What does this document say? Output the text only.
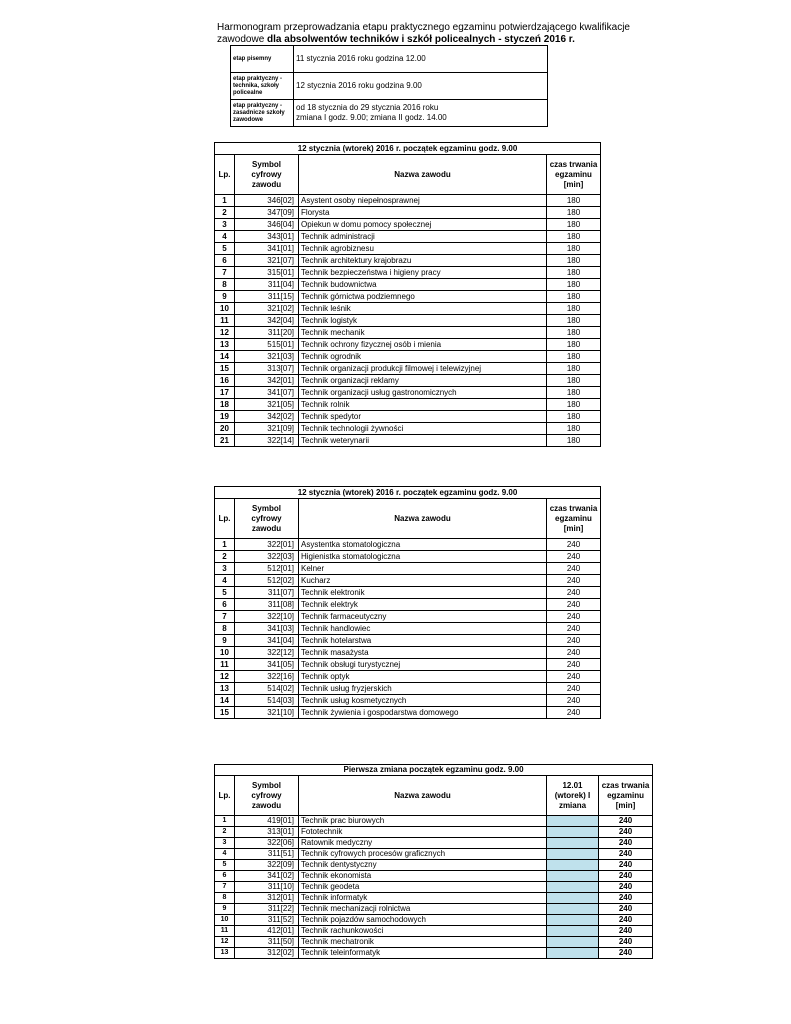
Harmonogram przeprowadzania etapu praktycznego egzaminu potwierdzającego kwalifikacje
zawodowe dla absolwentów techników i szkół policealnych - styczeń 2016 r.
etap pisemny	11 stycznia 2016 roku godzina 12.00
etap praktyczny - technika, szkoły policealne	12 stycznia 2016 roku godzina 9.00
etap praktyczny - zasadnicze szkoły zawodowe	od 18 stycznia do 29 stycznia 2016 roku
zmiana I godz. 9.00; zmiana II godz. 14.00
12 stycznia (wtorek) 2016 r. początek egzaminu godz. 9.00			
Lp.	Symbol cyfrowy zawodu	Nazwa zawodu	czas trwania egzaminu [min]
1	346[02]	Asystent osoby niepełnosprawnej	180
2	347[09]	Florysta	180
3	346[04]	Opiekun w domu pomocy społecznej	180
4	343[01]	Technik administracji	180
5	341[01]	Technik agrobiznesu	180
6	321[07]	Technik architektury krajobrazu	180
7	315[01]	Technik bezpieczeństwa i higieny pracy	180
8	311[04]	Technik budownictwa	180
9	311[15]	Technik górnictwa podziemnego	180
10	321[02]	Technik leśnik	180
11	342[04]	Technik logistyk	180
12	311[20]	Technik mechanik	180
13	515[01]	Technik ochrony fizycznej osób i mienia	180
14	321[03]	Technik ogrodnik	180
15	313[07]	Technik organizacji produkcji filmowej i telewizyjnej	180
16	342[01]	Technik organizacji reklamy	180
17	341[07]	Technik organizacji usług gastronomicznych	180
18	321[05]	Technik rolnik	180
19	342[02]	Technik spedytor	180
20	321[09]	Technik technologii żywności	180
21	322[14]	Technik weterynarii	180
12 stycznia (wtorek) 2016 r. początek egzaminu godz. 9.00			
Lp.	Symbol cyfrowy zawodu	Nazwa zawodu	czas trwania egzaminu [min]
1	322[01]	Asystentka stomatologiczna	240
2	322[03]	Higienistka stomatologiczna	240
3	512[01]	Kelner	240
4	512[02]	Kucharz	240
5	311[07]	Technik elektronik	240
6	311[08]	Technik elektryk	240
7	322[10]	Technik farmaceutyczny	240
8	341[03]	Technik handlowiec	240
9	341[04]	Technik hotelarstwa	240
10	322[12]	Technik masażysta	240
11	341[05]	Technik obsługi turystycznej	240
12	322[16]	Technik optyk	240
13	514[02]	Technik usług fryzjerskich	240
14	514[03]	Technik usług kosmetycznych	240
15	321[10]	Technik żywienia i gospodarstwa domowego	240
Pierwsza zmiana początek egzaminu godz. 9.00				
Lp.	Symbol cyfrowy zawodu	Nazwa zawodu	12.01 (wtorek) I zmiana	czas trwania egzaminu [min]
1	419[01]	Technik prac biurowych		240
2	313[01]	Fototechnik		240
3	322[06]	Ratownik medyczny		240
4	311[51]	Technik cyfrowych procesów graficznych		240
5	322[09]	Technik dentystyczny		240
6	341[02]	Technik ekonomista		240
7	311[10]	Technik geodeta		240
8	312[01]	Technik informatyk		240
9	311[22]	Technik mechanizacji rolnictwa		240
10	311[52]	Technik pojazdów samochodowych		240
11	412[01]	Technik rachunkowości		240
12	311[50]	Technik mechatronik		240
13	312[02]	Technik teleinformatyk		240
